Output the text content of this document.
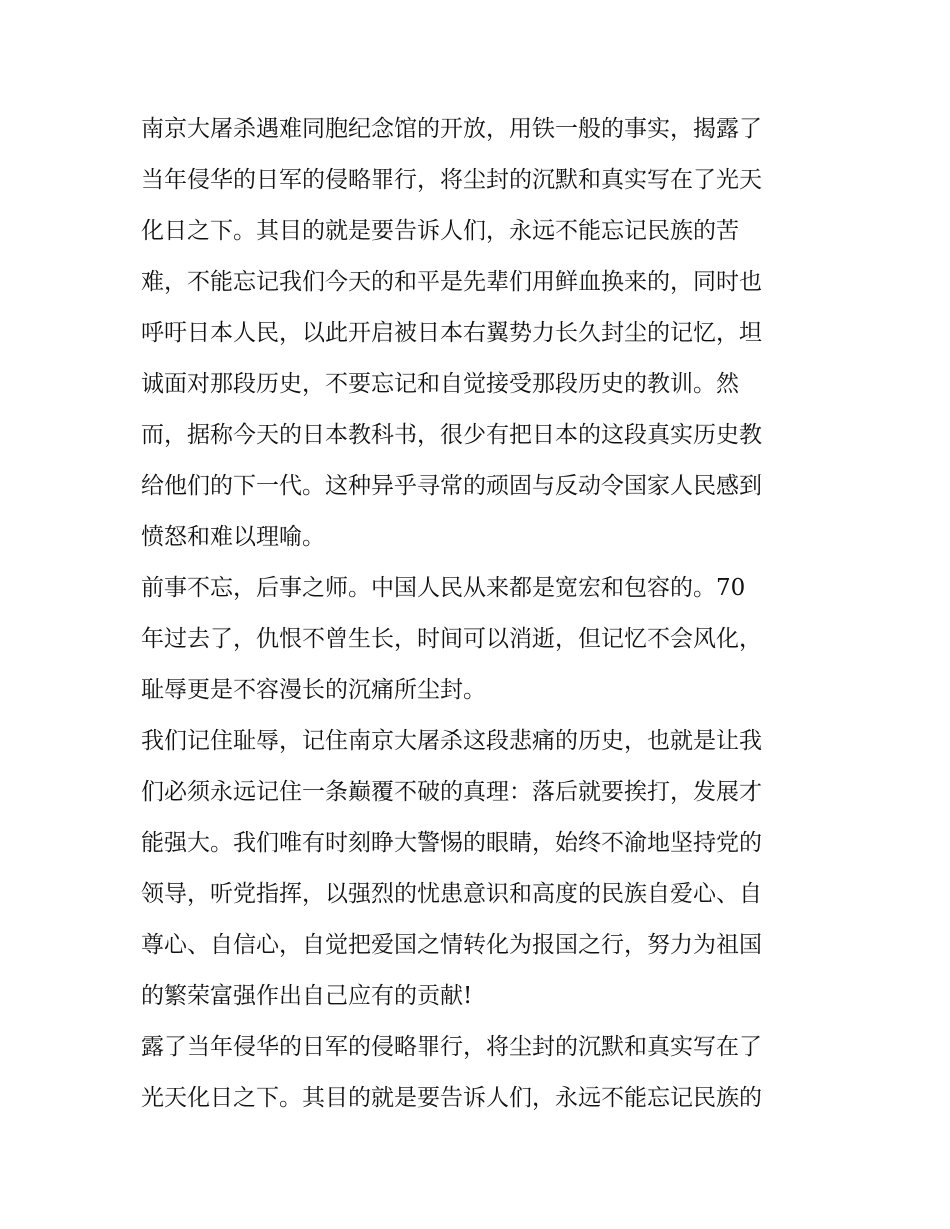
南京大屠杀遇难同胞纪念馆的开放，用铁一般的事实，揭露了
当年侵华的日军的侵略罪行，将尘封的沉默和真实写在了光天
化日之下。其目的就是要告诉人们，永远不能忘记民族的苦
难，不能忘记我们今天的和平是先辈们用鲜血换来的，同时也
呼吁日本人民，以此开启被日本右翼势力长久封尘的记忆，坦
诚面对那段历史，不要忘记和自觉接受那段历史的教训。然
而，据称今天的日本教科书，很少有把日本的这段真实历史教
给他们的下一代。这种异乎寻常的顽固与反动令国家人民感到
愤怒和难以理喻。
前事不忘，后事之师。中国人民从来都是宽宏和包容的。70
年过去了，仇恨不曾生长，时间可以消逝，但记忆不会风化，
耻辱更是不容漫长的沉痛所尘封。
我们记住耻辱，记住南京大屠杀这段悲痛的历史，也就是让我
们必须永远记住一条巅覆不破的真理：落后就要挨打，发展才
能强大。我们唯有时刻睁大警惕的眼睛，始终不渝地坚持党的
领导，听党指挥，以强烈的忧患意识和高度的民族自爱心、自
尊心、自信心，自觉把爱国之情转化为报国之行，努力为祖国
的繁荣富强作出自己应有的贡献!
露了当年侵华的日军的侵略罪行，将尘封的沉默和真实写在了
光天化日之下。其目的就是要告诉人们，永远不能忘记民族的
